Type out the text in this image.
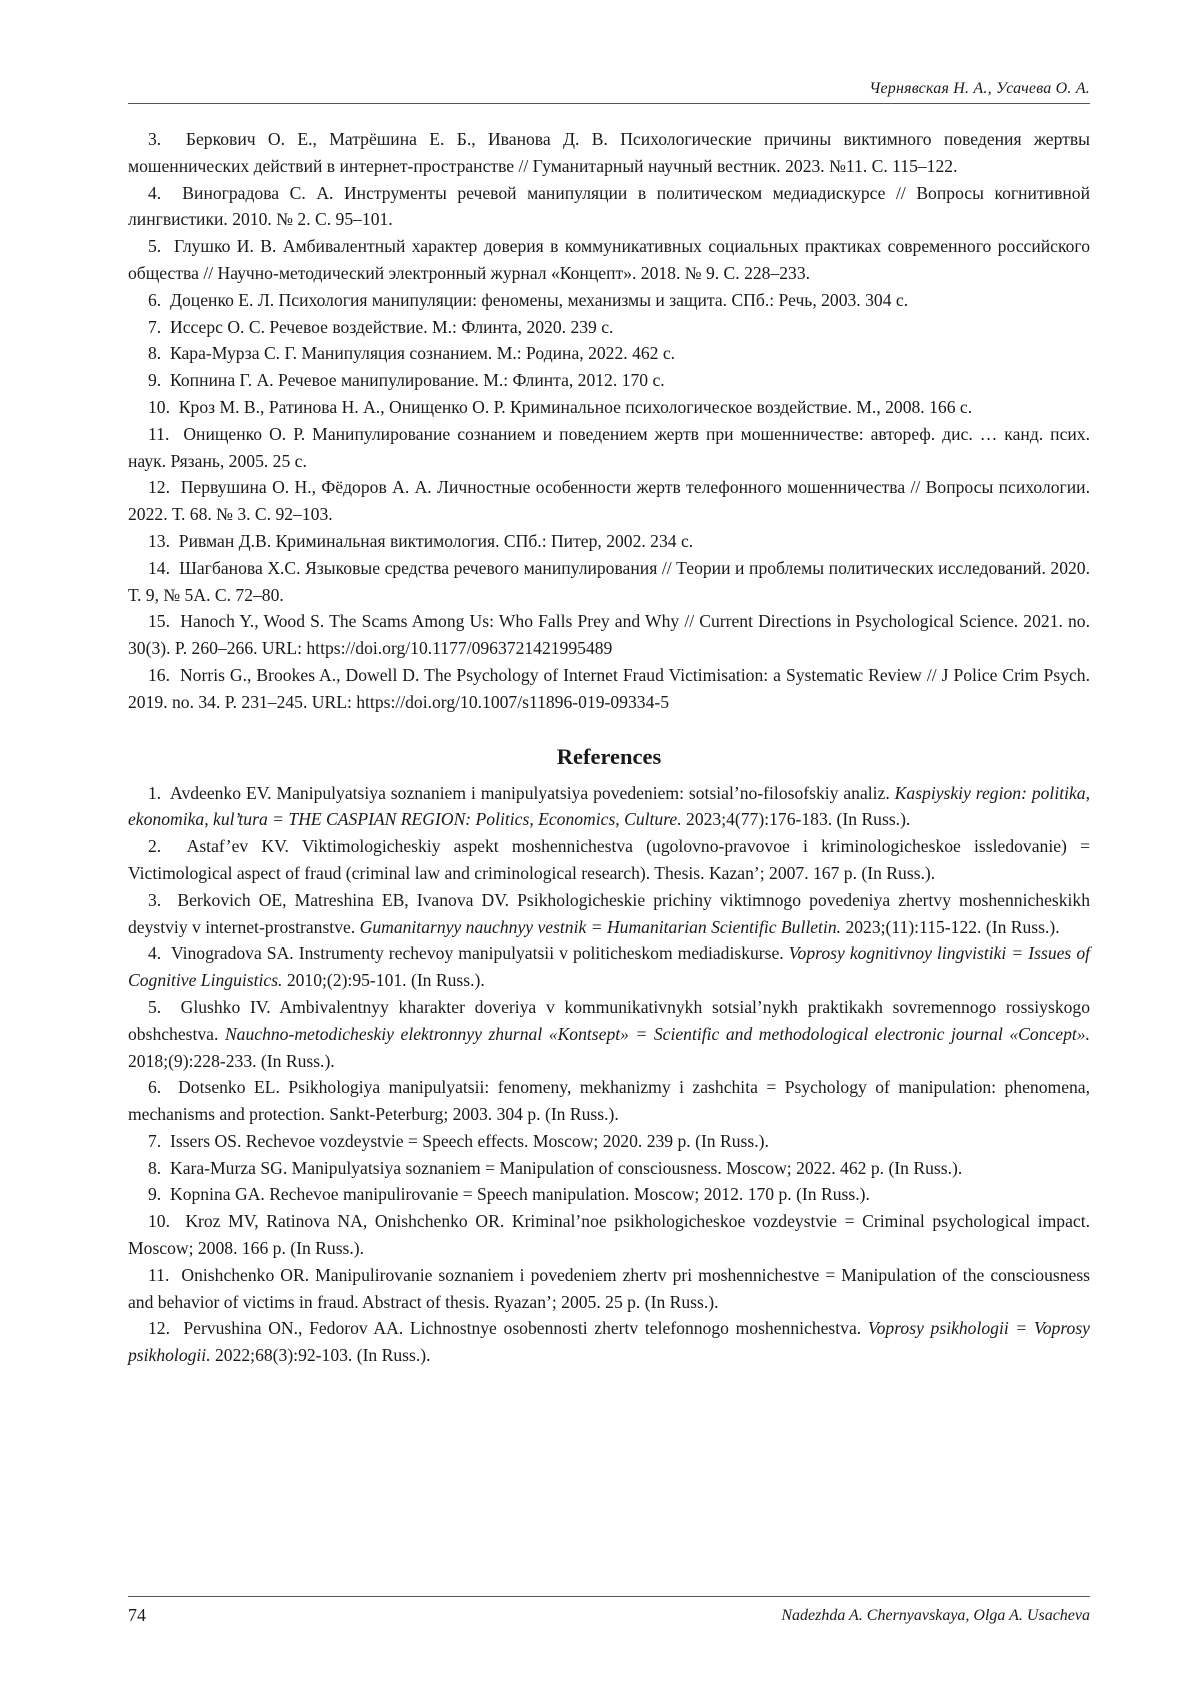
Чернявская Н. А., Усачева О. А.

3. Беркович О. Е., Матрёшина Е. Б., Иванова Д. В. Психологические причины виктимного поведения жертвы мошеннических действий в интернет-пространстве // Гуманитарный научный вестник. 2023. №11. С. 115–122.

4. Виноградова С. А. Инструменты речевой манипуляции в политическом медиадискурсе // Вопросы когнитивной лингвистики. 2010. № 2. С. 95–101.

5. Глушко И. В. Амбивалентный характер доверия в коммуникативных социальных практиках современного российского общества // Научно-методический электронный журнал «Концепт». 2018. № 9. С. 228–233.

6. Доценко Е. Л. Психология манипуляции: феномены, механизмы и защита. СПб.: Речь, 2003. 304 с.

7. Иссерс О. С. Речевое воздействие. М.: Флинта, 2020. 239 с.

8. Кара-Мурза С. Г. Манипуляция сознанием. М.: Родина, 2022. 462 с.

9. Копнина Г. А. Речевое манипулирование. М.: Флинта, 2012. 170 с.

10. Кроз М. В., Ратинова Н. А., Онищенко О. Р. Криминальное психологическое воздействие. М., 2008. 166 с.

11. Онищенко О. Р. Манипулирование сознанием и поведением жертв при мошенничестве: автореф. дис. … канд. псих. наук. Рязань, 2005. 25 с.

12. Первушина О. Н., Фёдоров А. А. Личностные особенности жертв телефонного мошенничества // Вопросы психологии. 2022. Т. 68. № 3. С. 92–103.

13. Ривман Д.В. Криминальная виктимология. СПб.: Питер, 2002. 234 с.

14. Шагбанова Х.С. Языковые средства речевого манипулирования // Теории и проблемы политических исследований. 2020. Т. 9, № 5А. С. 72–80.

15. Hanoch Y., Wood S. The Scams Among Us: Who Falls Prey and Why // Current Directions in Psychological Science. 2021. no. 30(3). P. 260–266. URL: https://doi.org/10.1177/0963721421995489

16. Norris G., Brookes A., Dowell D. The Psychology of Internet Fraud Victimisation: a Systematic Review // J Police Crim Psych. 2019. no. 34. P. 231–245. URL: https://doi.org/10.1007/s11896-019-09334-5

References

1. Avdeenko EV. Manipulyatsiya soznaniem i manipulyatsiya povedeniem: sotsial’no-filosofskiy analiz. Kaspiyskiy region: politika, ekonomika, kul’tura = THE CASPIAN REGION: Politics, Economics, Culture. 2023;4(77):176-183. (In Russ.).

2. Astaf’ev KV. Viktimologicheskiy aspekt moshennichestva (ugolovno-pravovoe i kriminologicheskoe issledovanie) = Victimological aspect of fraud (criminal law and criminological research). Thesis. Kazan’; 2007. 167 p. (In Russ.).

3. Berkovich OE, Matreshina EB, Ivanova DV. Psikhologicheskie prichiny viktimnogo povedeniya zhertvy moshennicheskikh deystviy v internet-prostranstve. Gumanitarnyy nauchnyy vestnik = Humanitarian Scientific Bulletin. 2023;(11):115-122. (In Russ.).

4. Vinogradova SA. Instrumenty rechevoy manipulyatsii v politicheskom mediadiskurse. Voprosy kognitivnoy lingvistiki = Issues of Cognitive Linguistics. 2010;(2):95-101. (In Russ.).

5. Glushko IV. Ambivalentnyy kharakter doveriya v kommunikativnykh sotsial’nykh praktikakh sovremennogo rossiyskogo obshchestva. Nauchno-metodicheskiy elektronnyy zhurnal «Kontsept» = Scientific and methodological electronic journal «Concept». 2018;(9):228-233. (In Russ.).

6. Dotsenko EL. Psikhologiya manipulyatsii: fenomeny, mekhanizmy i zashchita = Psychology of manipulation: phenomena, mechanisms and protection. Sankt-Peterburg; 2003. 304 p. (In Russ.).

7. Issers OS. Rechevoe vozdeystvie = Speech effects. Moscow; 2020. 239 p. (In Russ.).

8. Kara-Murza SG. Manipulyatsiya soznaniem = Manipulation of consciousness. Moscow; 2022. 462 p. (In Russ.).

9. Kopnina GA. Rechevoe manipulirovanie = Speech manipulation. Moscow; 2012. 170 p. (In Russ.).

10. Kroz MV, Ratinova NA, Onishchenko OR. Kriminal’noe psikhologicheskoe vozdeystvie = Criminal psychological impact. Moscow; 2008. 166 p. (In Russ.).

11. Onishchenko OR. Manipulirovanie soznaniem i povedeniem zhertv pri moshennichestve = Manipulation of the consciousness and behavior of victims in fraud. Abstract of thesis. Ryazan’; 2005. 25 p. (In Russ.).

12. Pervushina ON., Fedorov AA. Lichnostnye osobennosti zhertv telefonnogo moshennichestva. Voprosy psikhologii = Voprosy psikhologii. 2022;68(3):92-103. (In Russ.).

74	Nadezhda A. Chernyavskaya, Olga A. Usacheva
